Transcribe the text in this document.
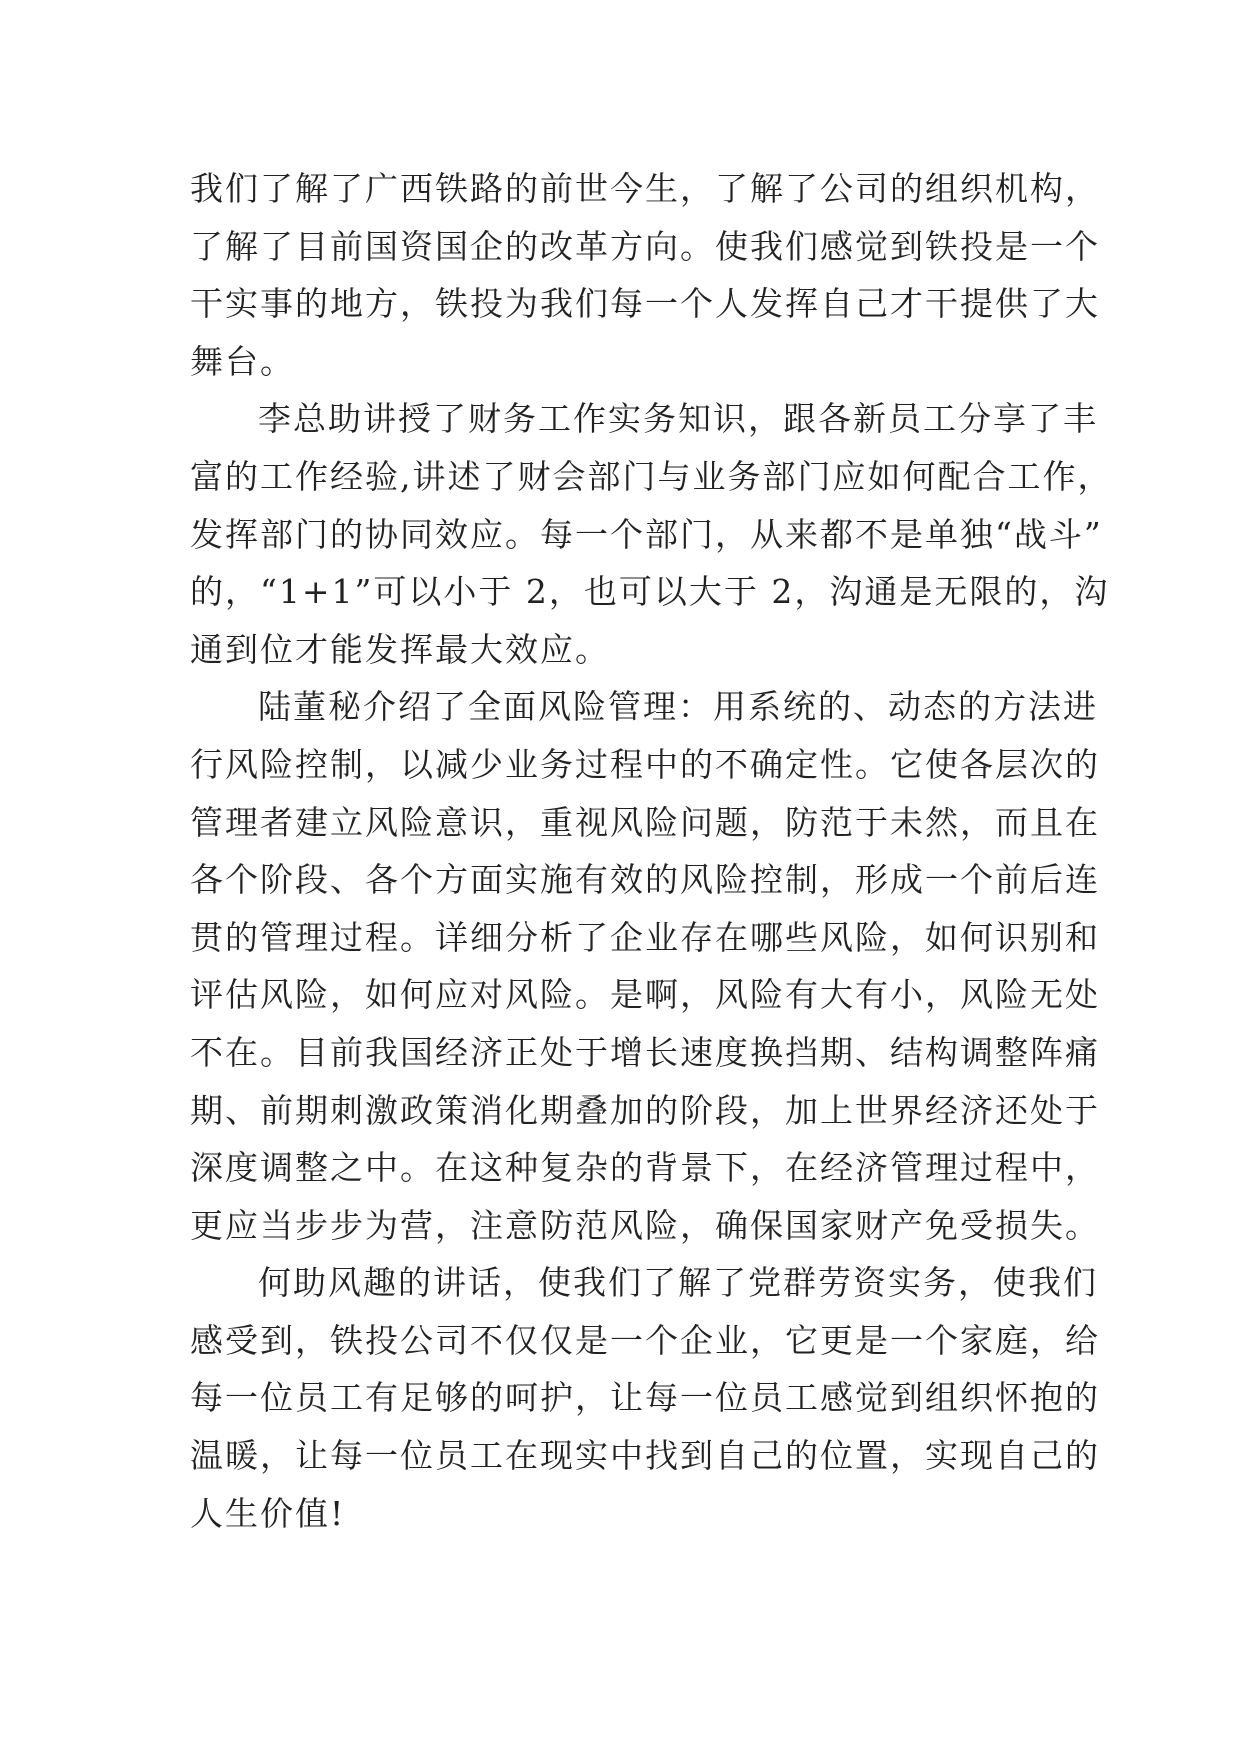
我们了解了广西铁路的前世今生，了解了公司的组织机构，
了解了目前国资国企的改革方向。使我们感觉到铁投是一个
干实事的地方，铁投为我们每一个人发挥自己才干提供了大
舞台。
李总助讲授了财务工作实务知识，跟各新员工分享了丰
富的工作经验,讲述了财会部门与业务部门应如何配合工作，
发挥部门的协同效应。每一个部门，从来都不是单独“战斗”
的，“1+1”可以小于 2，也可以大于 2，沟通是无限的，沟
通到位才能发挥最大效应。
陆董秘介绍了全面风险管理：用系统的、动态的方法进
行风险控制，以减少业务过程中的不确定性。它使各层次的
管理者建立风险意识，重视风险问题，防范于未然，而且在
各个阶段、各个方面实施有效的风险控制，形成一个前后连
贯的管理过程。详细分析了企业存在哪些风险，如何识别和
评估风险，如何应对风险。是啊，风险有大有小，风险无处
不在。目前我国经济正处于增长速度换挡期、结构调整阵痛
期、前期刺激政策消化期叠加的阶段，加上世界经济还处于
深度调整之中。在这种复杂的背景下，在经济管理过程中，
更应当步步为营，注意防范风险，确保国家财产免受损失。
何助风趣的讲话，使我们了解了党群劳资实务，使我们
感受到，铁投公司不仅仅是一个企业，它更是一个家庭，给
每一位员工有足够的呵护，让每一位员工感觉到组织怀抱的
温暖，让每一位员工在现实中找到自己的位置，实现自己的
人生价值!
